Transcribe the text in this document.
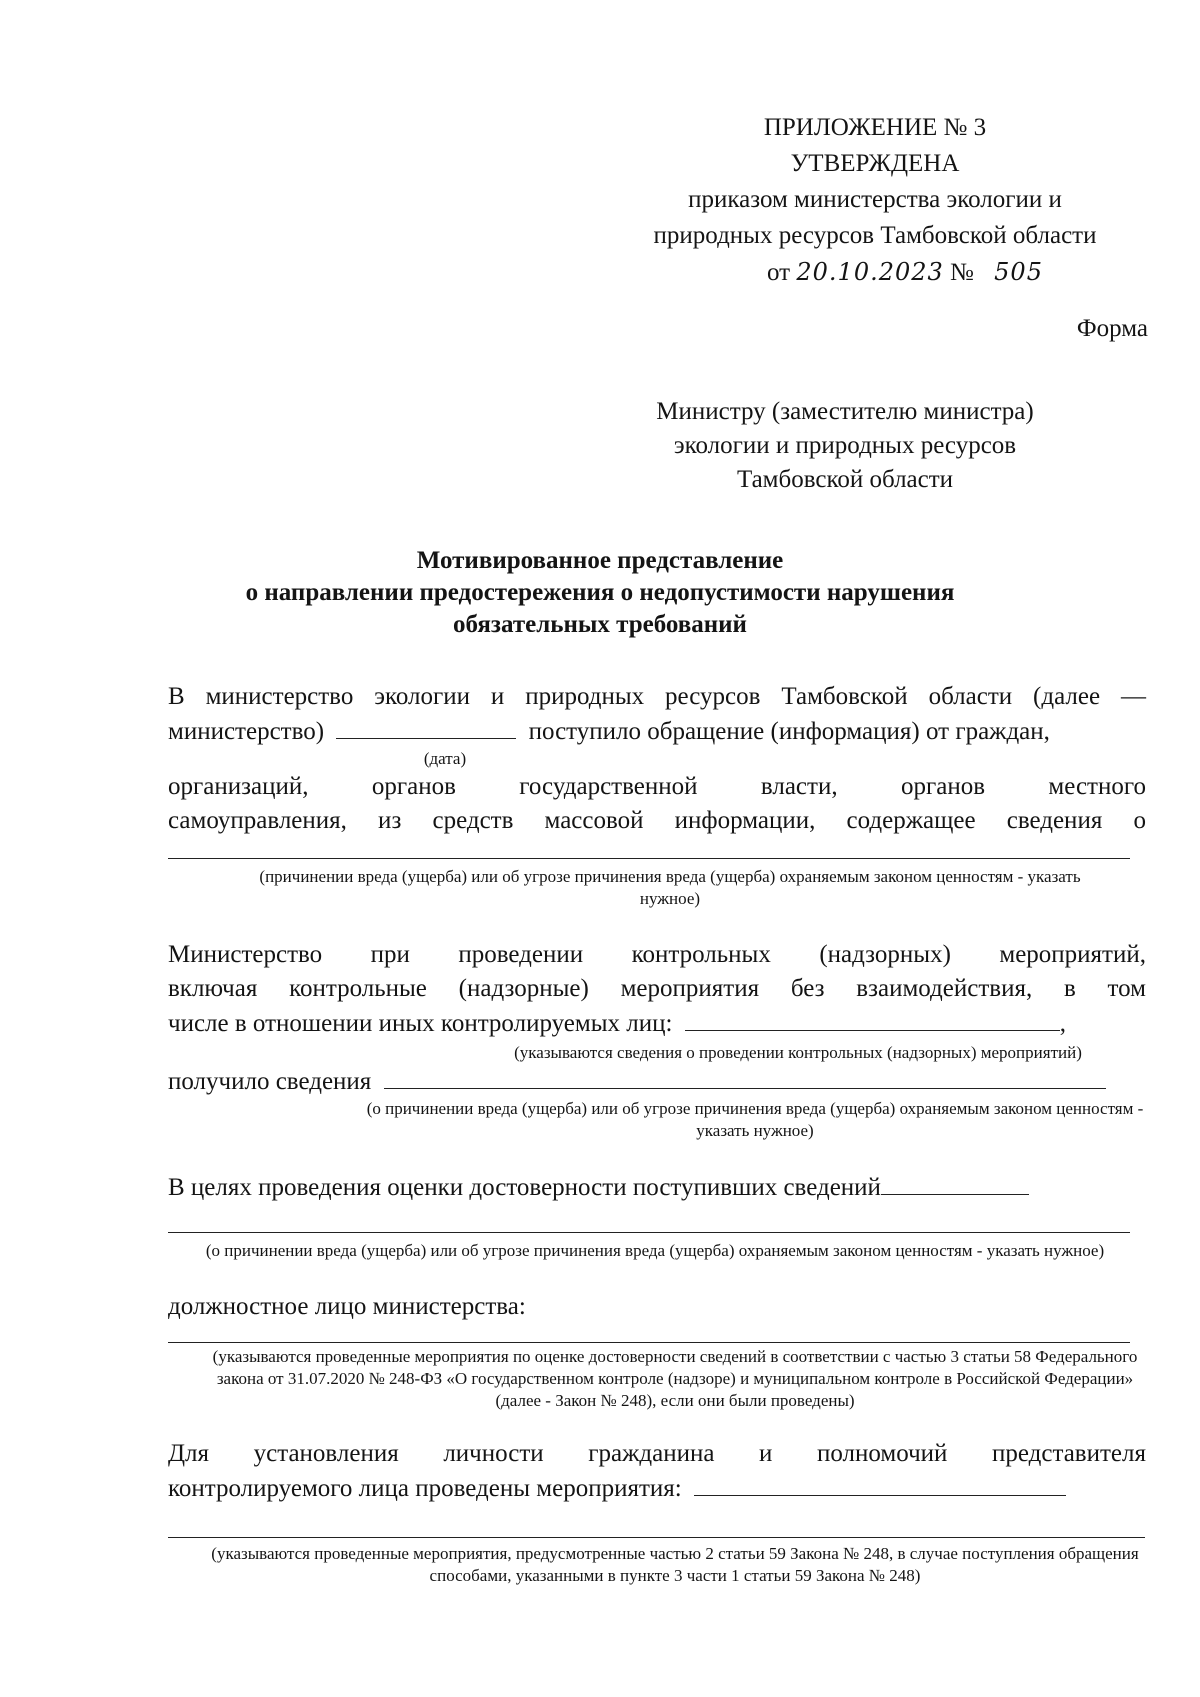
ПРИЛОЖЕНИЕ № 3
УТВЕРЖДЕНА
приказом министерства экологии и
природных ресурсов Тамбовской области
от 20.10.2023 № 505
Форма
Министру (заместителю министра)
экологии и природных ресурсов
Тамбовской области
Мотивированное представление
о направлении предостережения о недопустимости нарушения
обязательных требований
В министерство экологии и природных ресурсов Тамбовской области (далее —
министерство)	поступило обращение (информация) от граждан,
(дата)
организаций, органов государственной власти, органов местного
самоуправления, из средств массовой информации, содержащее сведения о
(причинении вреда (ущерба) или об угрозе причинения вреда (ущерба) охраняемым законом ценностям - указать нужное)
Министерство при проведении контрольных (надзорных) мероприятий,
включая контрольные (надзорные) мероприятия без взаимодействия, в том
числе в отношении иных контролируемых лиц:	,
(указываются сведения о проведении контрольных (надзорных) мероприятий)
получило сведения
(о причинении вреда (ущерба) или об угрозе причинения вреда (ущерба) охраняемым законом ценностям - указать нужное)
В целях проведения оценки достоверности поступивших сведений
(о причинении вреда (ущерба) или об угрозе причинения вреда (ущерба) охраняемым законом ценностям - указать нужное)
должностное лицо министерства:
(указываются проведенные мероприятия по оценке достоверности сведений в соответствии с частью 3 статьи 58 Федерального закона от 31.07.2020 № 248-ФЗ «О государственном контроле (надзоре) и муниципальном контроле в Российской Федерации» (далее - Закон № 248), если они были проведены)
Для установления личности гражданина и полномочий представителя
контролируемого лица проведены мероприятия:
(указываются проведенные мероприятия, предусмотренные частью 2 статьи 59 Закона № 248, в случае поступления обращения способами, указанными в пункте 3 части 1 статьи 59 Закона № 248)
